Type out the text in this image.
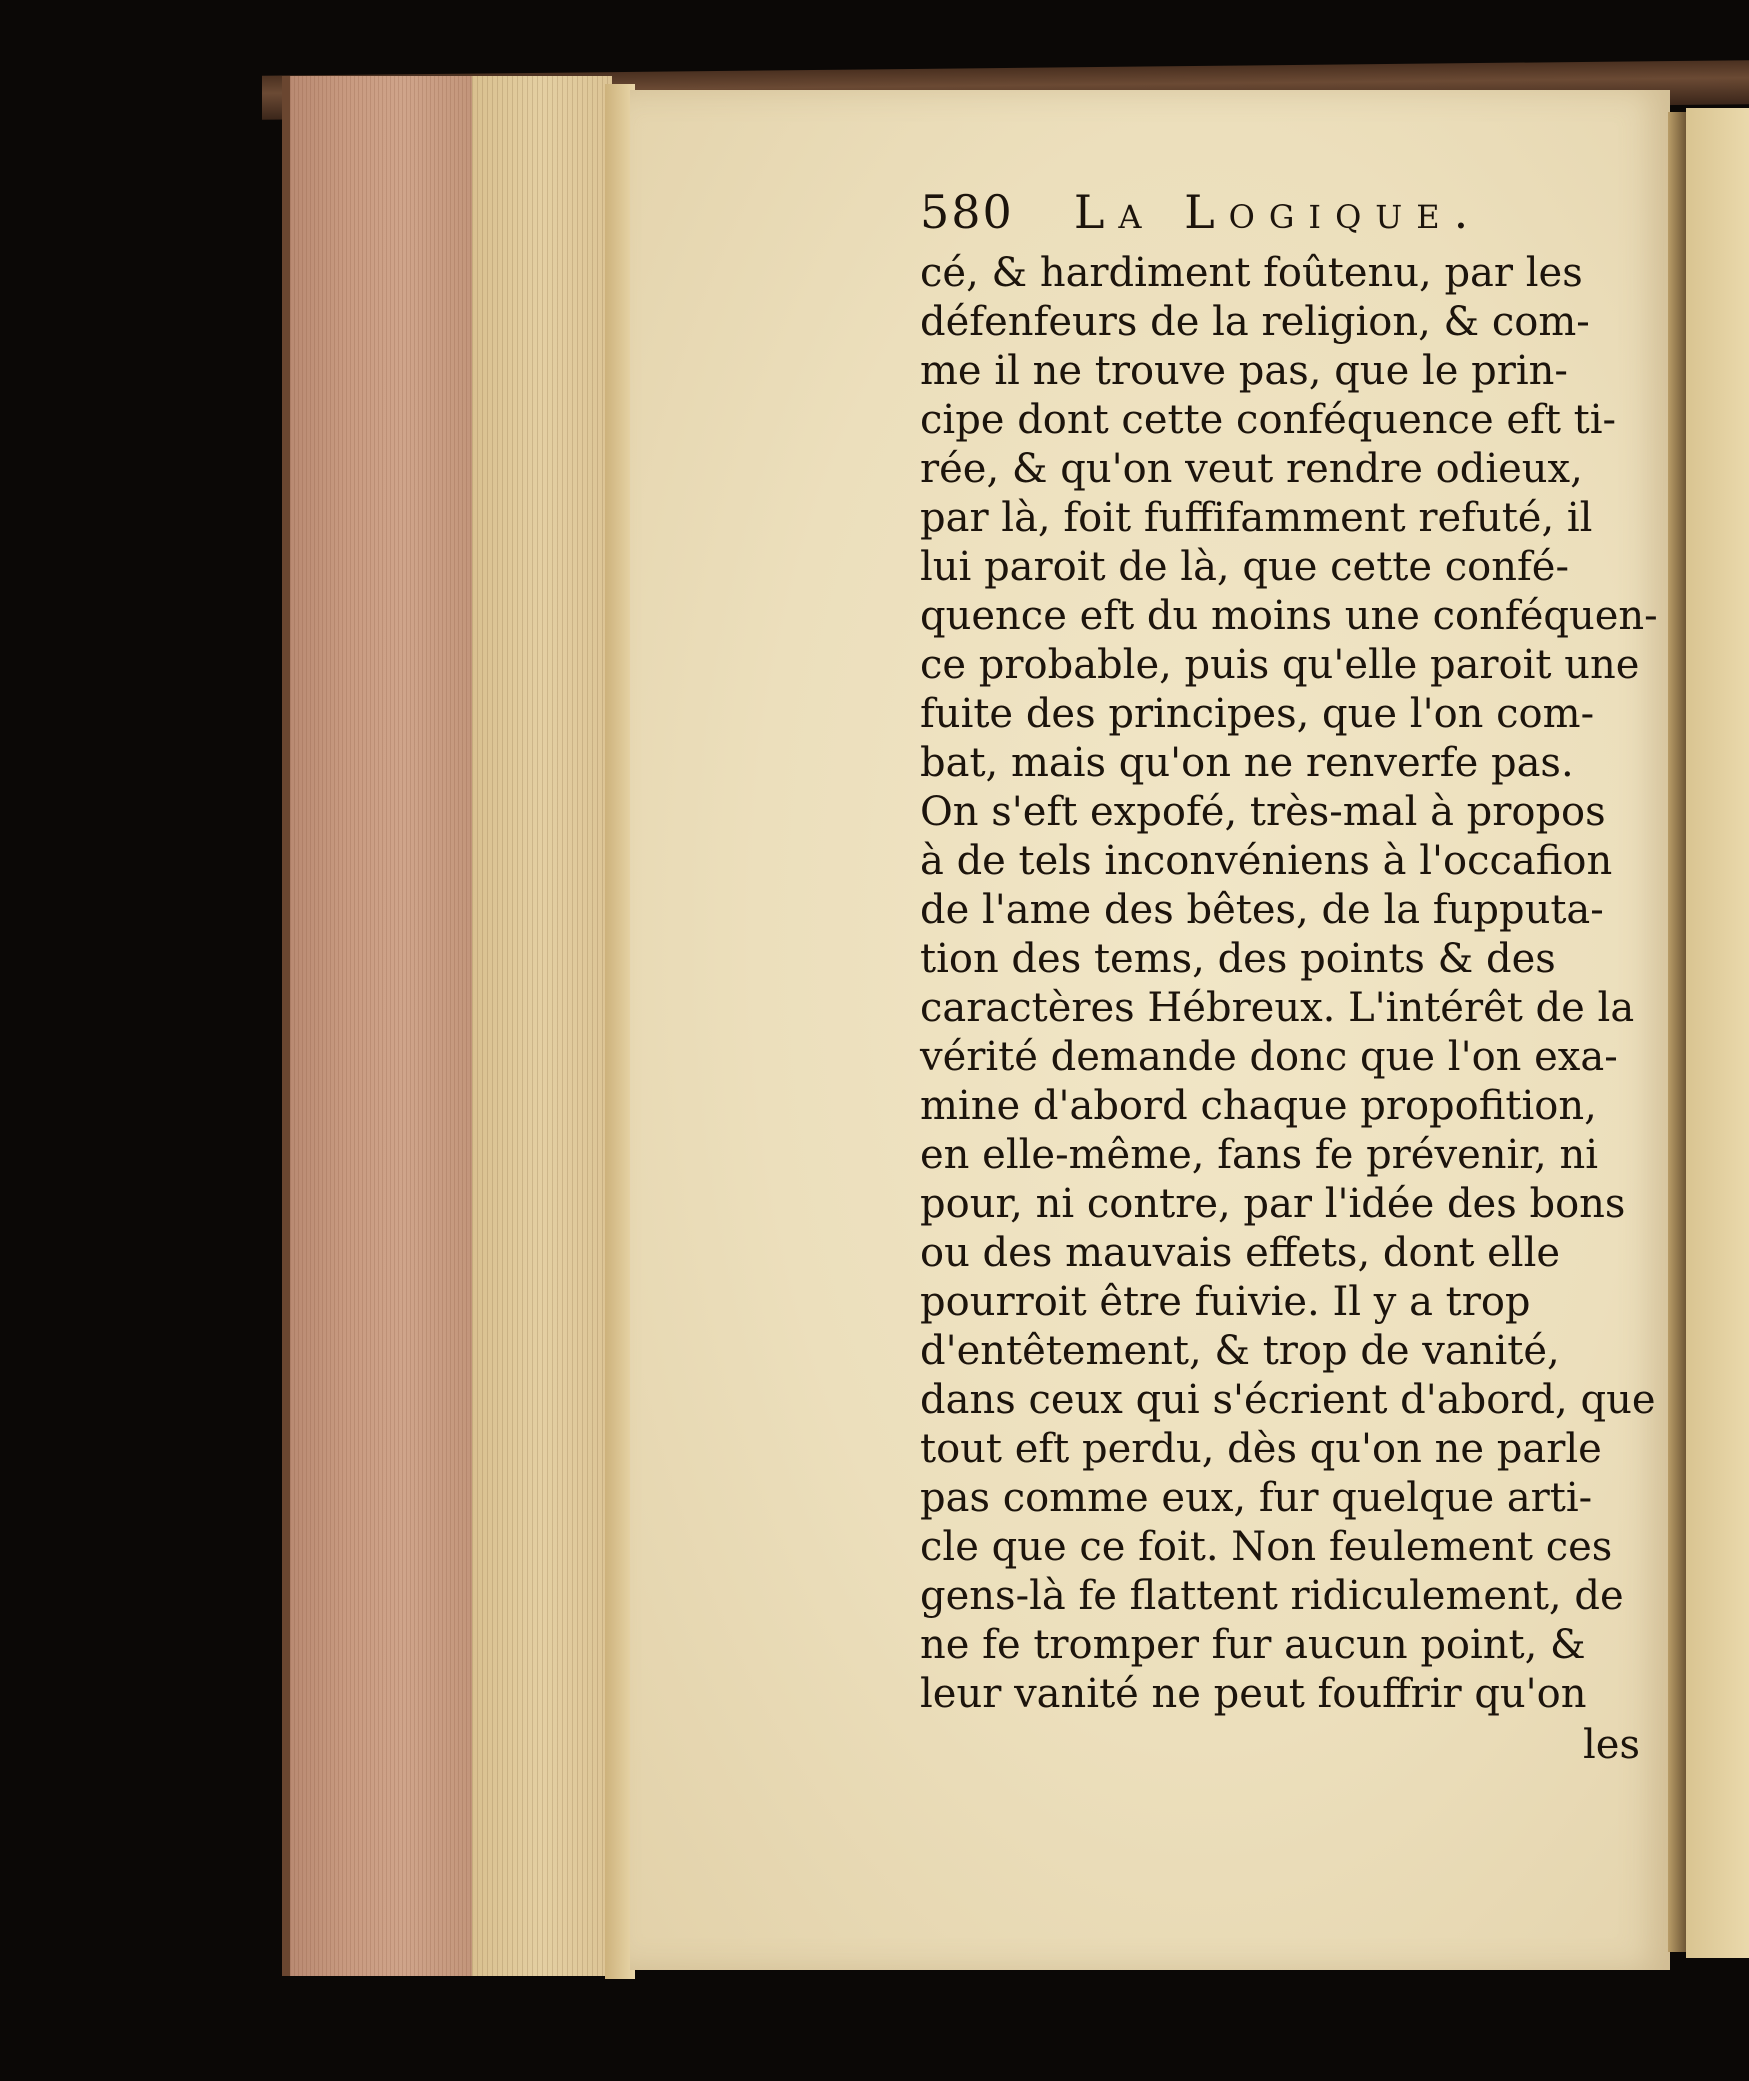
580 La Logique.
cé, & hardiment foûtenu, par les
défenfeurs de la religion, & com-
me il ne trouve pas, que le prin-
cipe dont cette conféquence eft ti-
rée, & qu'on veut rendre odieux,
par là, foit fuffifamment refuté, il
lui paroit de là, que cette confé-
quence eft du moins une conféquen-
ce probable, puis qu'elle paroit une
fuite des principes, que l'on com-
bat, mais qu'on ne renverfe pas.
On s'eft expofé, très-mal à propos
à de tels inconvéniens à l'occafion
de l'ame des bêtes, de la fupputa-
tion des tems, des points & des
caractères Hébreux. L'intérêt de la
vérité demande donc que l'on exa-
mine d'abord chaque propofition,
en elle-même, fans fe prévenir, ni
pour, ni contre, par l'idée des bons
ou des mauvais effets, dont elle
pourroit être fuivie. Il y a trop
d'entêtement, & trop de vanité,
dans ceux qui s'écrient d'abord, que
tout eft perdu, dès qu'on ne parle
pas comme eux, fur quelque arti-
cle que ce foit. Non feulement ces
gens-là fe flattent ridiculement, de
ne fe tromper fur aucun point, &
leur vanité ne peut fouffrir qu'on
les
